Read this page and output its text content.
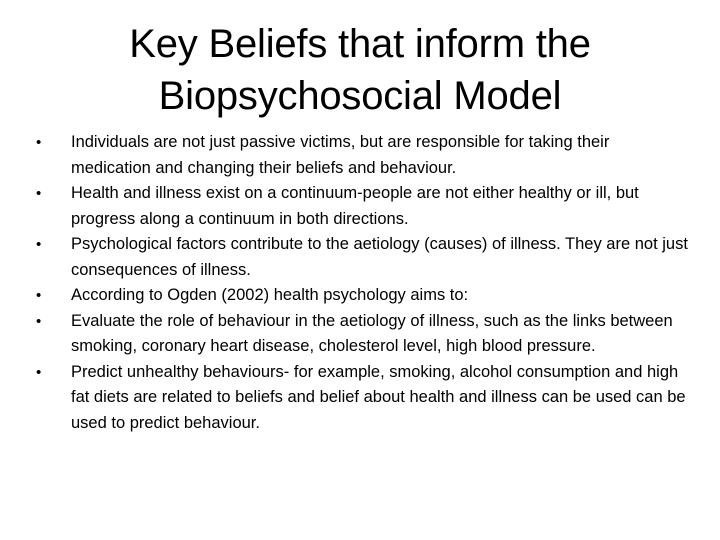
Key Beliefs that inform the
Biopsychosocial Model
•	Individuals are not just passive victims, but are responsible for taking their medication and changing their beliefs and behaviour.
•	Health and illness exist on a continuum-people are not either healthy or ill, but progress along a continuum in both directions.
•	Psychological factors contribute to the aetiology (causes) of illness. They are not just consequences of illness.
•	According to Ogden (2002) health psychology aims to:
•	Evaluate the role of behaviour in the aetiology of illness, such as the links between smoking, coronary heart disease, cholesterol level, high blood pressure.
•	Predict unhealthy behaviours- for example, smoking, alcohol consumption and high fat diets are related to beliefs and belief about health and illness can be used can be used to predict behaviour.
